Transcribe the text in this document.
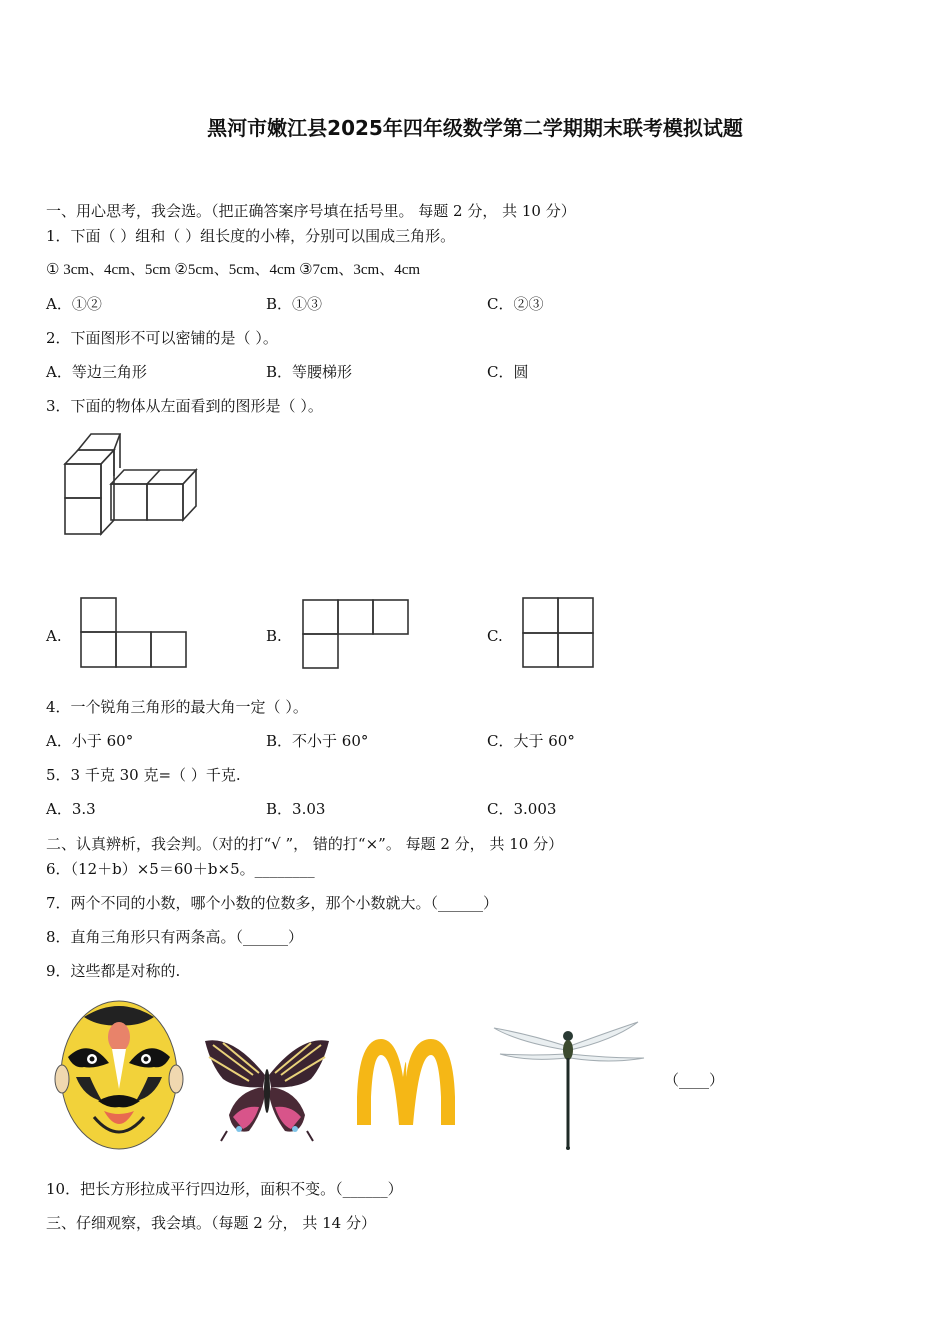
黑河市嫩江县2025年四年级数学第二学期期末联考模拟试题
一、用心思考，我会选。（把正确答案序号填在括号里。 每题 2 分， 共 10 分）
1．下面（ ）组和（ ）组长度的小棒，分别可以围成三角形。
① 3cm、4cm、5cm ②5cm、5cm、4cm ③7cm、3cm、4cm
A．①②	B．①③	C．②③
2．下面图形不可以密铺的是（ ）。
A．等边三角形	B．等腰梯形	C．圆
3．下面的物体从左面看到的图形是（ ）。
A.	B.	C.
4．一个锐角三角形的最大角一定（ ）。
A．小于 60°	B．不小于 60°	C．大于 60°
5．3 千克 30 克=（ ）千克.
A．3.3	B．3.03	C．3.003
二、认真辨析，我会判。（对的打“√ ”， 错的打“×”。 每题 2 分， 共 10 分）
6．（12＋b）×5＝60＋b×5。________
7．两个不同的小数，哪个小数的位数多，那个小数就大。（______）
8．直角三角形只有两条高。（______）
9．这些都是对称的.
（____）
10．把长方形拉成平行四边形，面积不变。（______）
三、仔细观察，我会填。（每题 2 分， 共 14 分）
